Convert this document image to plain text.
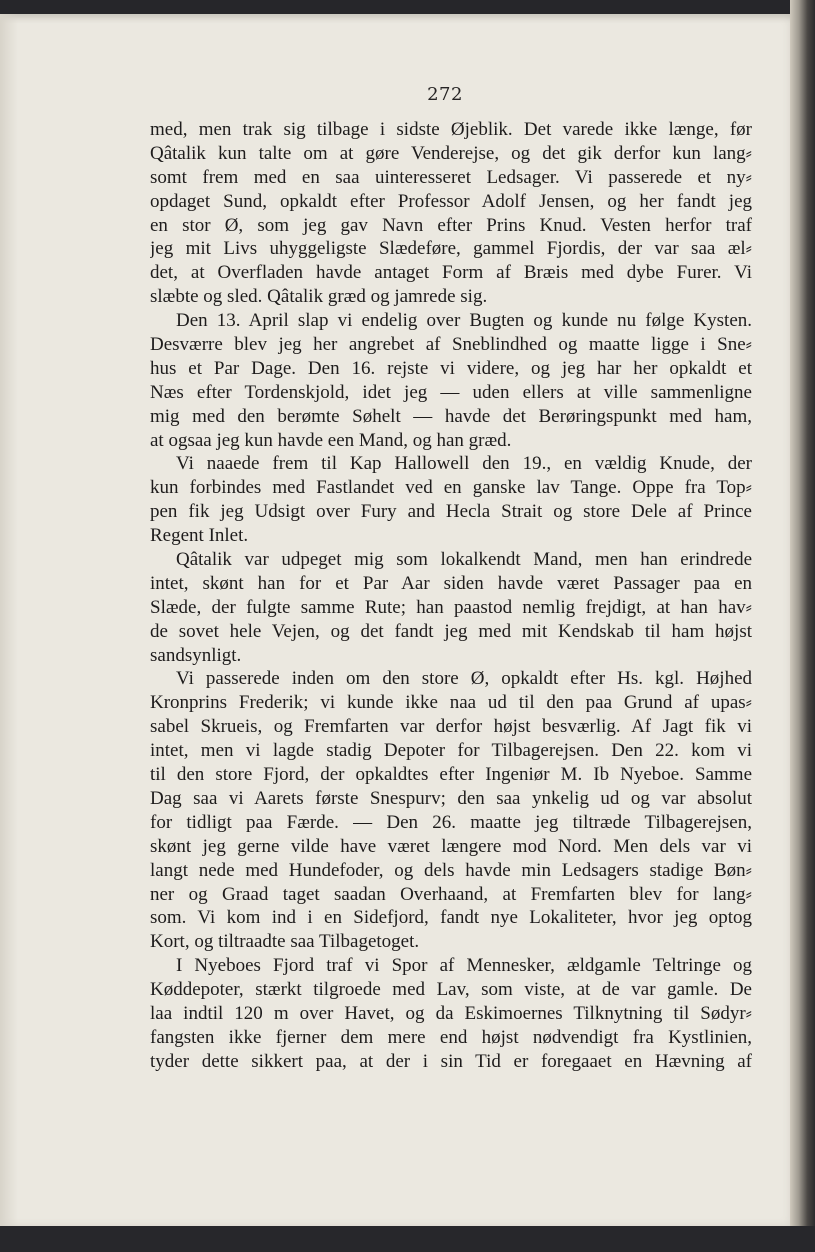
272
med, men trak sig tilbage i sidste Øjeblik. Det varede ikke længe, før
Qâtalik kun talte om at gøre Venderejse, og det gik derfor kun lang⸗
somt frem med en saa uinteresseret Ledsager. Vi passerede et ny⸗
opdaget Sund, opkaldt efter Professor Adolf Jensen, og her fandt jeg
en stor Ø, som jeg gav Navn efter Prins Knud. Vesten herfor traf
jeg mit Livs uhyggeligste Slædeføre, gammel Fjordis, der var saa æl⸗
det, at Overfladen havde antaget Form af Bræis med dybe Furer. Vi
slæbte og sled. Qâtalik græd og jamrede sig.
Den 13. April slap vi endelig over Bugten og kunde nu følge Kysten.
Desværre blev jeg her angrebet af Sneblindhed og maatte ligge i Sne⸗
hus et Par Dage. Den 16. rejste vi videre, og jeg har her opkaldt et
Næs efter Tordenskjold, idet jeg — uden ellers at ville sammenligne
mig med den berømte Søhelt — havde det Berøringspunkt med ham,
at ogsaa jeg kun havde een Mand, og han græd.
Vi naaede frem til Kap Hallowell den 19., en vældig Knude, der
kun forbindes med Fastlandet ved en ganske lav Tange. Oppe fra Top⸗
pen fik jeg Udsigt over Fury and Hecla Strait og store Dele af Prince
Regent Inlet.
Qâtalik var udpeget mig som lokalkendt Mand, men han erindrede
intet, skønt han for et Par Aar siden havde været Passager paa en
Slæde, der fulgte samme Rute; han paastod nemlig frejdigt, at han hav⸗
de sovet hele Vejen, og det fandt jeg med mit Kendskab til ham højst
sandsynligt.
Vi passerede inden om den store Ø, opkaldt efter Hs. kgl. Højhed
Kronprins Frederik; vi kunde ikke naa ud til den paa Grund af upas⸗
sabel Skrueis, og Fremfarten var derfor højst besværlig. Af Jagt fik vi
intet, men vi lagde stadig Depoter for Tilbagerejsen. Den 22. kom vi
til den store Fjord, der opkaldtes efter Ingeniør M. Ib Nyeboe. Samme
Dag saa vi Aarets første Snespurv; den saa ynkelig ud og var absolut
for tidligt paa Færde. — Den 26. maatte jeg tiltræde Tilbagerejsen,
skønt jeg gerne vilde have været længere mod Nord. Men dels var vi
langt nede med Hundefoder, og dels havde min Ledsagers stadige Bøn⸗
ner og Graad taget saadan Overhaand, at Fremfarten blev for lang⸗
som. Vi kom ind i en Sidefjord, fandt nye Lokaliteter, hvor jeg optog
Kort, og tiltraadte saa Tilbagetoget.
I Nyeboes Fjord traf vi Spor af Mennesker, ældgamle Teltringe og
Køddepoter, stærkt tilgroede med Lav, som viste, at de var gamle. De
laa indtil 120 m over Havet, og da Eskimoernes Tilknytning til Sødyr⸗
fangsten ikke fjerner dem mere end højst nødvendigt fra Kystlinien,
tyder dette sikkert paa, at der i sin Tid er foregaaet en Hævning af
